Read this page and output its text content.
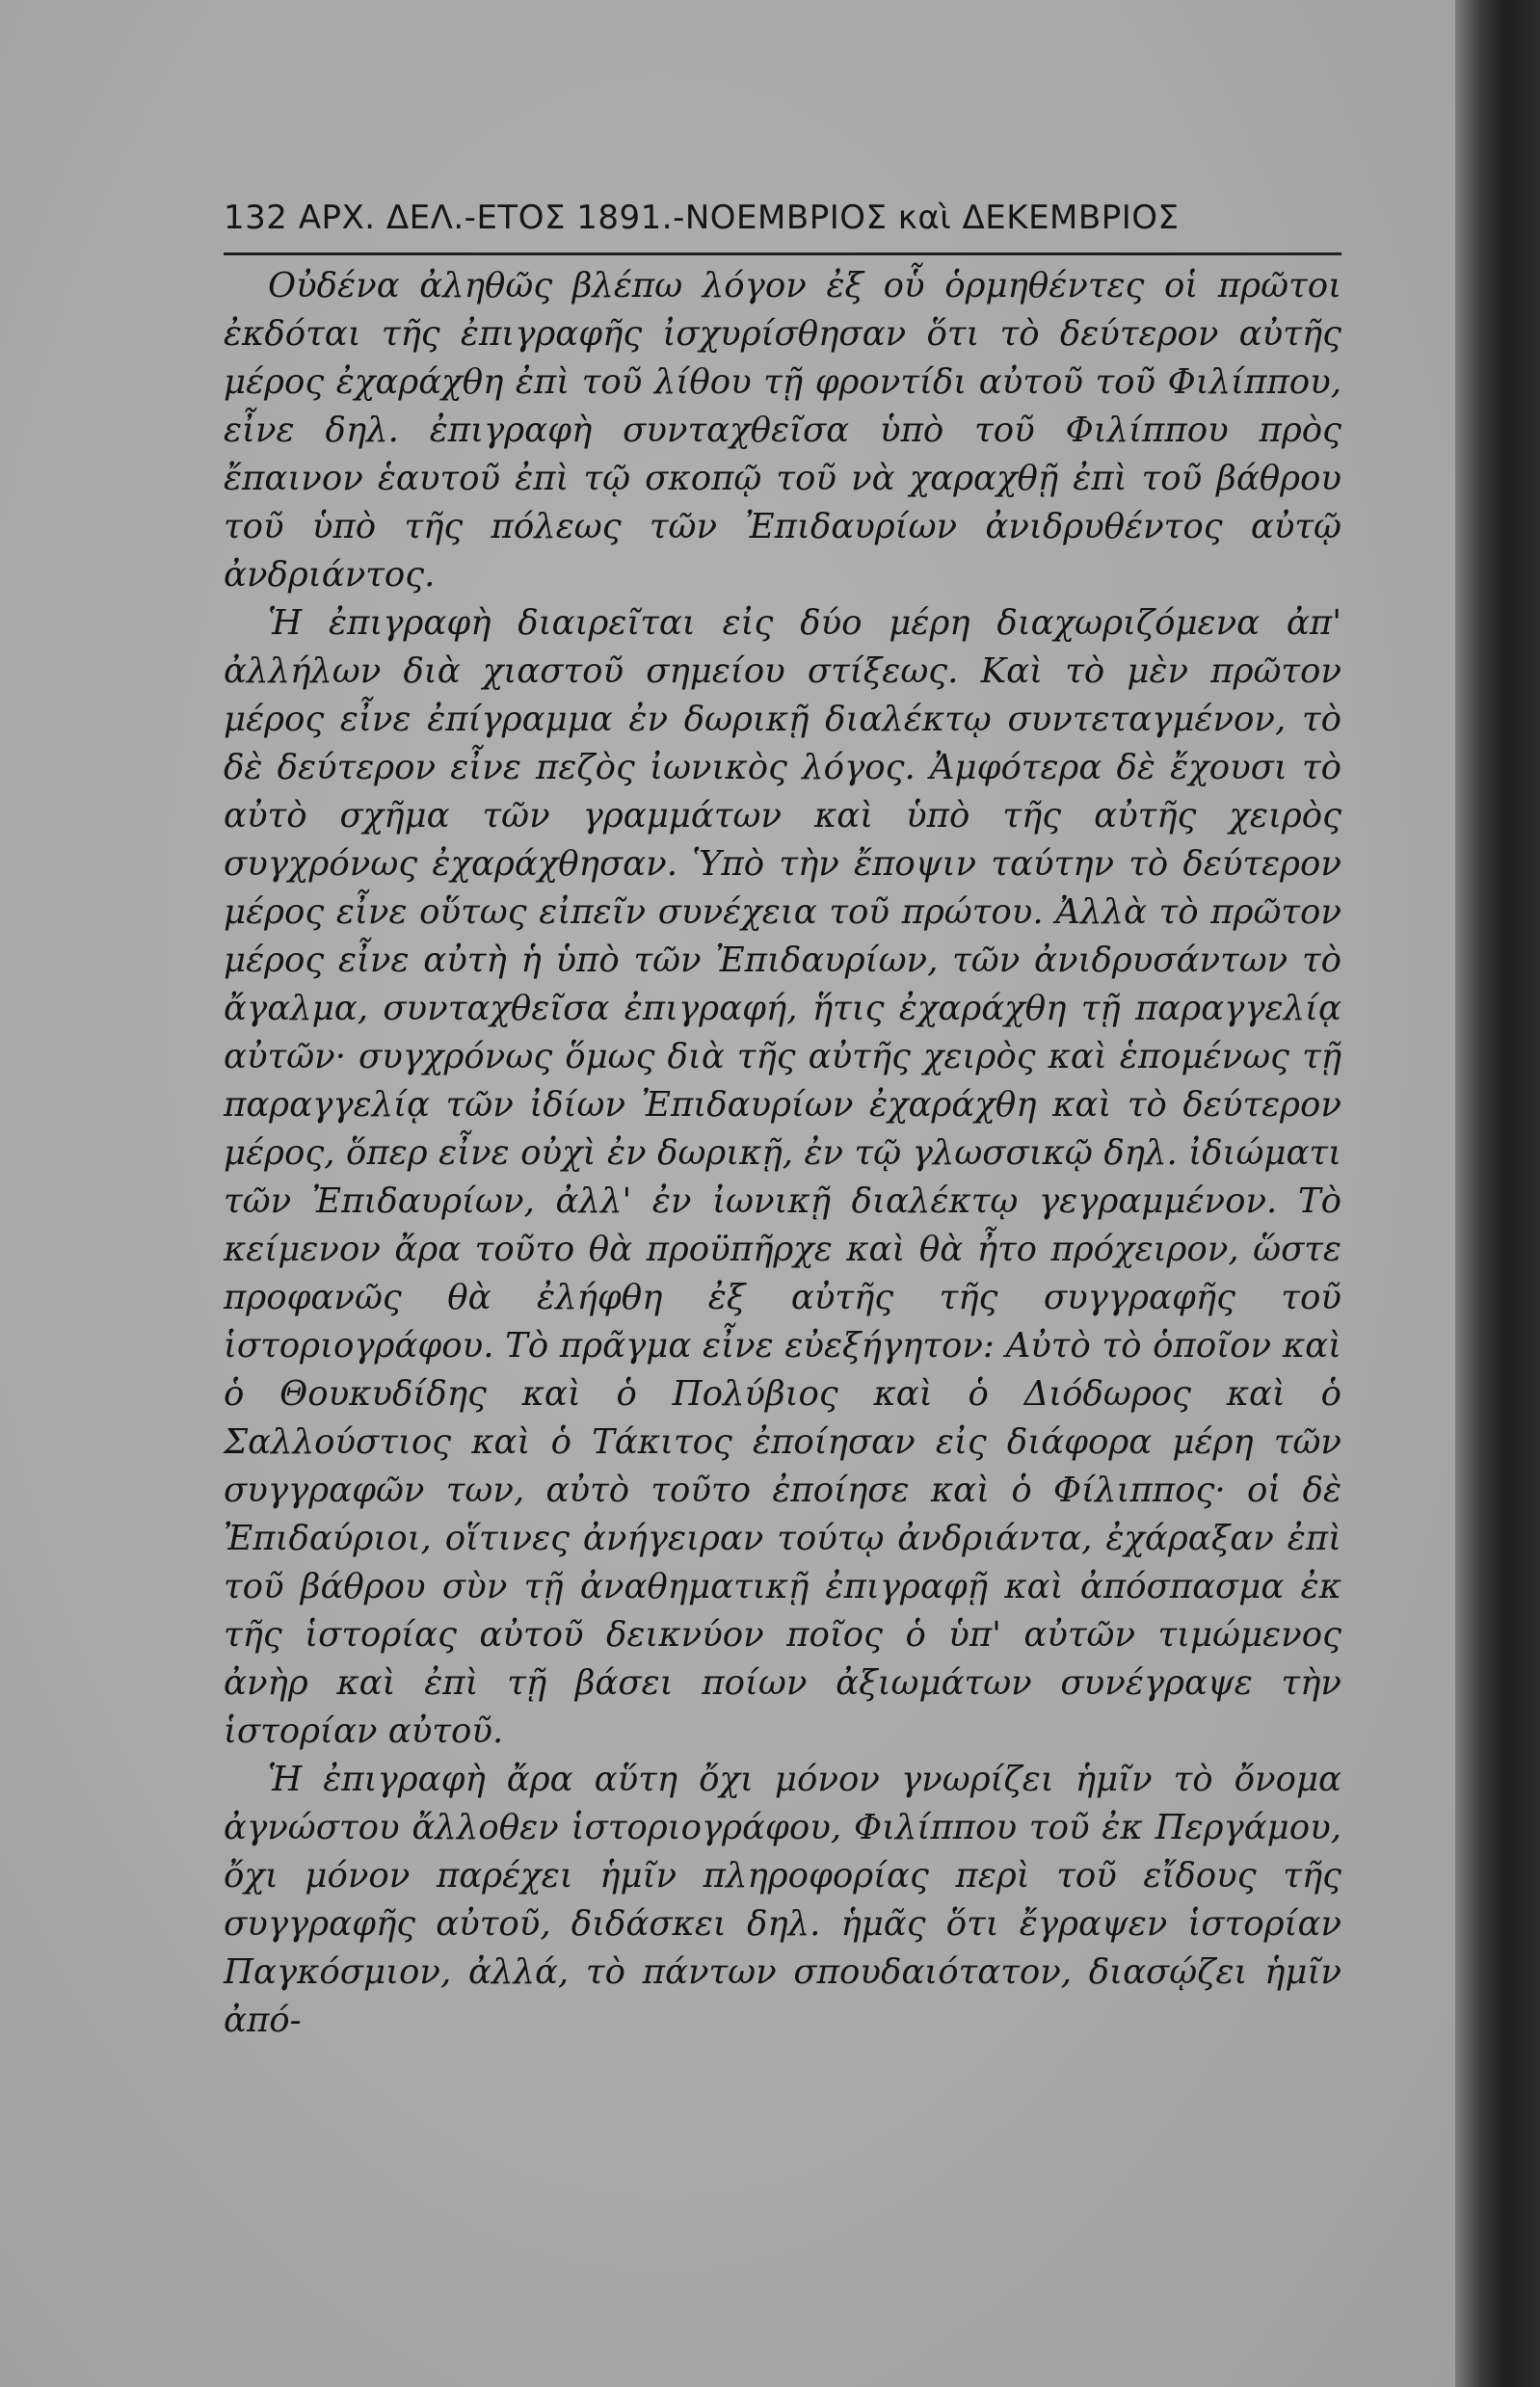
132 ΑΡΧ. ΔΕΛ.-ΕΤΟΣ 1891.-ΝΟΕΜΒΡΙΟΣ καὶ ΔΕΚΕΜΒΡΙΟΣ

Οὐδένα ἀληθῶς βλέπω λόγον ἐξ οὗ ὁρμηθέντες οἱ πρῶτοι ἐκδόται τῆς ἐπιγραφῆς ἰσχυρίσθησαν ὅτι τὸ δεύτερον αὐτῆς μέρος ἐχαράχθη ἐπὶ τοῦ λίθου τῇ φροντίδι αὐτοῦ τοῦ Φιλίππου, εἶνε δηλ. ἐπιγραφὴ συνταχθεῖσα ὑπὸ τοῦ Φιλίππου πρὸς ἔπαινον ἑαυτοῦ ἐπὶ τῷ σκοπῷ τοῦ νὰ χαραχθῇ ἐπὶ τοῦ βάθρου τοῦ ὑπὸ τῆς πόλεως τῶν Ἐπιδαυρίων ἀνιδρυθέντος αὐτῷ ἀνδριάντος.

Ἡ ἐπιγραφὴ διαιρεῖται εἰς δύο μέρη διαχωριζόμενα ἀπ' ἀλλήλων διὰ χιαστοῦ σημείου στίξεως. Καὶ τὸ μὲν πρῶτον μέρος εἶνε ἐπίγραμμα ἐν δωρικῇ διαλέκτῳ συντεταγμένον, τὸ δὲ δεύτερον εἶνε πεζὸς ἰωνικὸς λόγος. Ἀμφότερα δὲ ἔχουσι τὸ αὐτὸ σχῆμα τῶν γραμμάτων καὶ ὑπὸ τῆς αὐτῆς χειρὸς συγχρόνως ἐχαράχθησαν. Ὑπὸ τὴν ἔποψιν ταύτην τὸ δεύτερον μέρος εἶνε οὕτως εἰπεῖν συνέχεια τοῦ πρώτου. Ἀλλὰ τὸ πρῶτον μέρος εἶνε αὐτὴ ἡ ὑπὸ τῶν Ἐπιδαυρίων, τῶν ἀνιδρυσάντων τὸ ἄγαλμα, συνταχθεῖσα ἐπιγραφή, ἥτις ἐχαράχθη τῇ παραγγελίᾳ αὐτῶν· συγχρόνως ὅμως διὰ τῆς αὐτῆς χειρὸς καὶ ἑπομένως τῇ παραγγελίᾳ τῶν ἰδίων Ἐπιδαυρίων ἐχαράχθη καὶ τὸ δεύτερον μέρος, ὅπερ εἶνε οὐχὶ ἐν δωρικῇ, ἐν τῷ γλωσσικῷ δηλ. ἰδιώματι τῶν Ἐπιδαυρίων, ἀλλ' ἐν ἰωνικῇ διαλέκτῳ γεγραμμένον. Τὸ κείμενον ἄρα τοῦτο θὰ προϋπῆρχε καὶ θὰ ἦτο πρόχειρον, ὥστε προφανῶς θὰ ἐλήφθη ἐξ αὐτῆς τῆς συγγραφῆς τοῦ ἱστοριογράφου. Τὸ πρᾶγμα εἶνε εὐεξήγητον: Αὐτὸ τὸ ὁποῖον καὶ ὁ Θουκυδίδης καὶ ὁ Πολύβιος καὶ ὁ Διόδωρος καὶ ὁ Σαλλούστιος καὶ ὁ Τάκιτος ἐποίησαν εἰς διάφορα μέρη τῶν συγγραφῶν των, αὐτὸ τοῦτο ἐποίησε καὶ ὁ Φίλιππος· οἱ δὲ Ἐπιδαύριοι, οἵτινες ἀνήγειραν τούτῳ ἀνδριάντα, ἐχάραξαν ἐπὶ τοῦ βάθρου σὺν τῇ ἀναθηματικῇ ἐπιγραφῇ καὶ ἀπόσπασμα ἐκ τῆς ἱστορίας αὐτοῦ δεικνύον ποῖος ὁ ὑπ' αὐτῶν τιμώμενος ἀνὴρ καὶ ἐπὶ τῇ βάσει ποίων ἀξιωμάτων συνέγραψε τὴν ἱστορίαν αὐτοῦ.

Ἡ ἐπιγραφὴ ἄρα αὕτη ὄχι μόνον γνωρίζει ἡμῖν τὸ ὄνομα ἀγνώστου ἄλλοθεν ἱστοριογράφου, Φιλίππου τοῦ ἐκ Περγάμου, ὄχι μόνον παρέχει ἡμῖν πληροφορίας περὶ τοῦ εἴδους τῆς συγγραφῆς αὐτοῦ, διδάσκει δηλ. ἡμᾶς ὅτι ἔγραψεν ἱστορίαν Παγκόσμιον, ἀλλά, τὸ πάντων σπουδαιότατον, διασῴζει ἡμῖν ἀπό-
